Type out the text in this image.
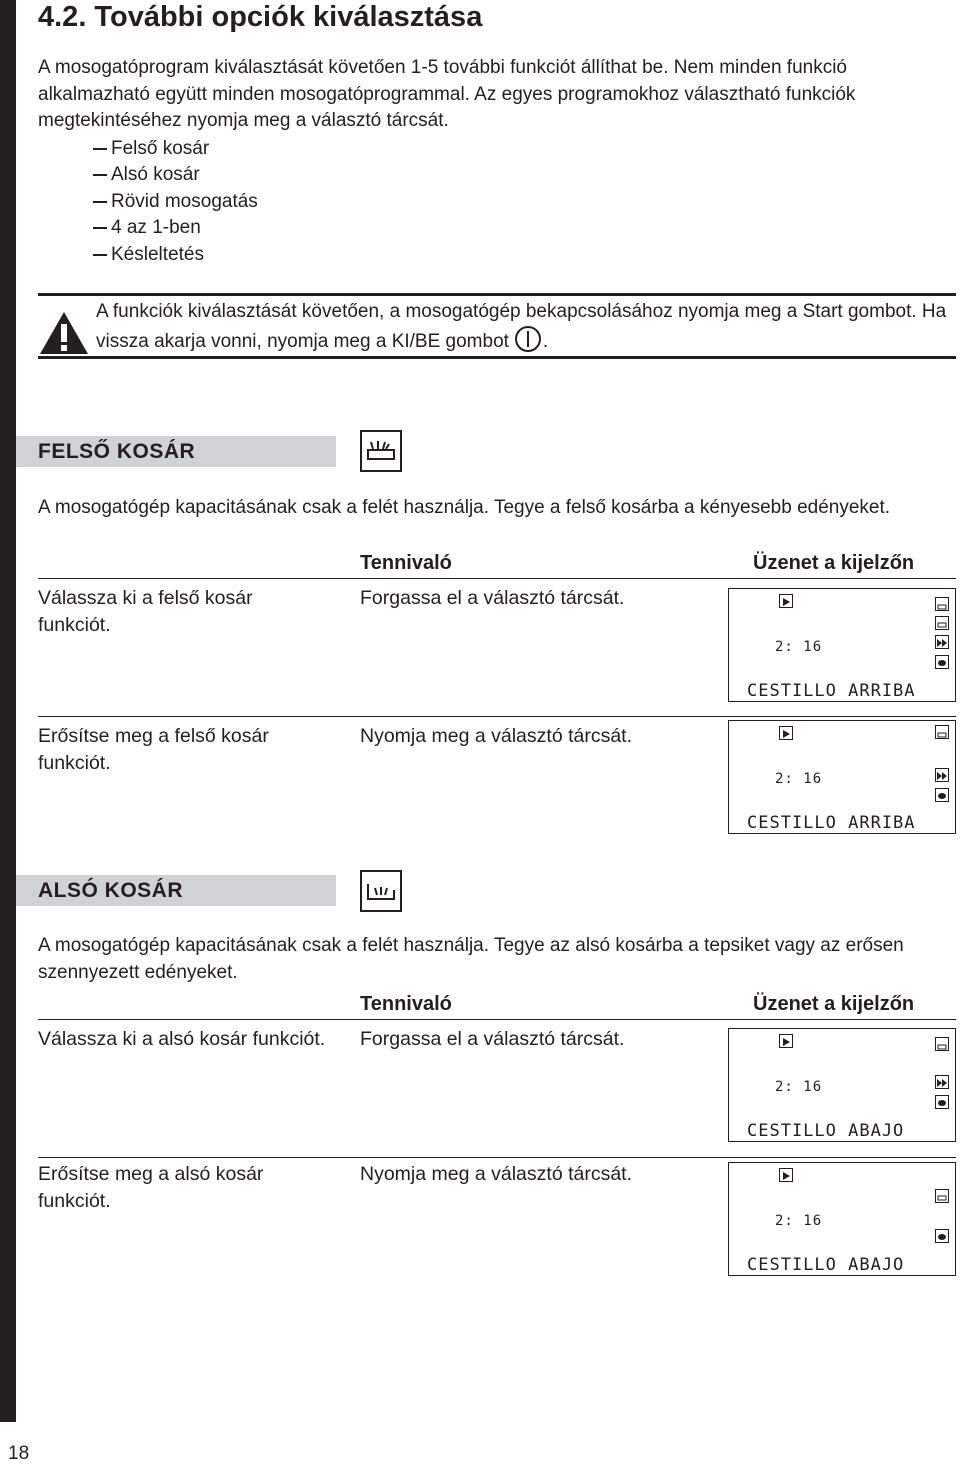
4.2. További opciók kiválasztása
A mosogatóprogram kiválasztását követően 1-5 további funkciót állíthat be. Nem minden funkció alkalmazható együtt minden mosogatóprogrammal. Az egyes programokhoz választható funkciók megtekintéséhez nyomja meg a választó tárcsát.
Felső kosár
Alsó kosár
Rövid mosogatás
4 az 1-ben
Késleltetés
A funkciók kiválasztását követően, a mosogatógép bekapcsolásához nyomja meg a Start gombot. Ha vissza akarja vonni, nyomja meg a KI/BE gombot .
FELSŐ KOSÁR
A mosogatógép kapacitásának csak a felét használja. Tegye a felső kosárba a kényesebb edényeket.
Tennivaló	Üzenet a kijelzőn
Válassza ki a felső kosár funkciót.
Forgassa el a választó tárcsát.
2: 16
CESTILLO ARRIBA
Erősítse meg a felső kosár funkciót.
Nyomja meg a választó tárcsát.
2: 16
CESTILLO ARRIBA
ALSÓ KOSÁR
A mosogatógép kapacitásának csak a felét használja. Tegye az alsó kosárba a tepsiket vagy az erősen szennyezett edényeket.
Tennivaló	Üzenet a kijelzőn
Válassza ki a alsó kosár funkciót. Forgassa el a választó tárcsát.
2: 16
CESTILLO ABAJO
Erősítse meg a alsó kosár funkciót.
Nyomja meg a választó tárcsát.
2: 16
CESTILLO ABAJO
18
